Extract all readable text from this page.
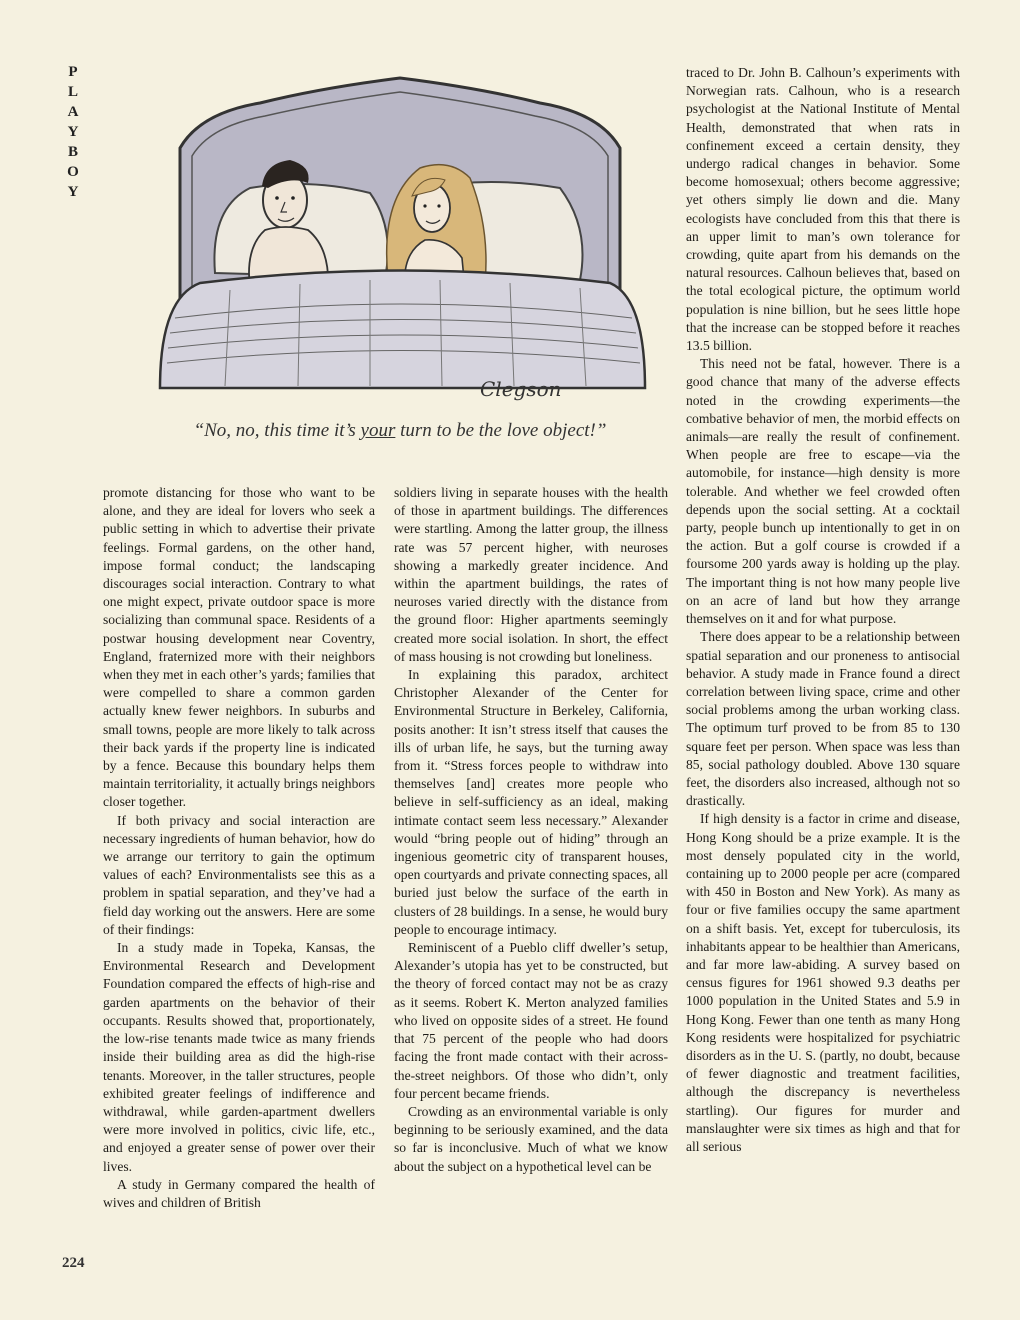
P
L
A
Y
B
O
Y
Clegson
“No, no, this time it’s your turn to be the love object!”

promote distancing for those who want to be alone, and they are ideal for lovers who seek a public setting in which to advertise their private feelings. Formal gardens, on the other hand, impose formal conduct; the landscaping discourages social interaction. Contrary to what one might expect, private outdoor space is more socializing than communal space. Residents of a postwar housing development near Coventry, England, fraternized more with their neighbors when they met in each other’s yards; families that were compelled to share a common garden actually knew fewer neighbors. In suburbs and small towns, people are more likely to talk across their back yards if the property line is indicated by a fence. Because this boundary helps them maintain territoriality, it actually brings neighbors closer together.

If both privacy and social interaction are necessary ingredients of human behavior, how do we arrange our territory to gain the optimum values of each? Environmentalists see this as a problem in spatial separation, and they’ve had a field day working out the answers. Here are some of their findings:

In a study made in Topeka, Kansas, the Environmental Research and Development Foundation compared the effects of high-rise and garden apartments on the behavior of their occupants. Results showed that, proportionately, the low-rise tenants made twice as many friends inside their building area as did the high-rise tenants. Moreover, in the taller structures, people exhibited greater feelings of indifference and withdrawal, while garden-apartment dwellers were more involved in politics, civic life, etc., and enjoyed a greater sense of power over their lives.

A study in Germany compared the health of wives and children of British

soldiers living in separate houses with the health of those in apartment buildings. The differences were startling. Among the latter group, the illness rate was 57 percent higher, with neuroses showing a markedly greater incidence. And within the apartment buildings, the rates of neuroses varied directly with the distance from the ground floor: Higher apartments seemingly created more social isolation. In short, the effect of mass housing is not crowding but loneliness.

In explaining this paradox, architect Christopher Alexander of the Center for Environmental Structure in Berkeley, California, posits another: It isn’t stress itself that causes the ills of urban life, he says, but the turning away from it. “Stress forces people to withdraw into themselves [and] creates more people who believe in self-sufficiency as an ideal, making intimate contact seem less necessary.” Alexander would “bring people out of hiding” through an ingenious geometric city of transparent houses, open courtyards and private connecting spaces, all buried just below the surface of the earth in clusters of 28 buildings. In a sense, he would bury people to encourage intimacy.

Reminiscent of a Pueblo cliff dweller’s setup, Alexander’s utopia has yet to be constructed, but the theory of forced contact may not be as crazy as it seems. Robert K. Merton analyzed families who lived on opposite sides of a street. He found that 75 percent of the people who had doors facing the front made contact with their across-the-street neighbors. Of those who didn’t, only four percent became friends.

Crowding as an environmental variable is only beginning to be seriously examined, and the data so far is inconclusive. Much of what we know about the subject on a hypothetical level can be

traced to Dr. John B. Calhoun’s experiments with Norwegian rats. Calhoun, who is a research psychologist at the National Institute of Mental Health, demonstrated that when rats in confinement exceed a certain density, they undergo radical changes in behavior. Some become homosexual; others become aggressive; yet others simply lie down and die. Many ecologists have concluded from this that there is an upper limit to man’s own tolerance for crowding, quite apart from his demands on the natural resources. Calhoun believes that, based on the total ecological picture, the optimum world population is nine billion, but he sees little hope that the increase can be stopped before it reaches 13.5 billion.

This need not be fatal, however. There is a good chance that many of the adverse effects noted in the crowding experiments—the combative behavior of men, the morbid effects on animals—are really the result of confinement. When people are free to escape—via the automobile, for instance—high density is more tolerable. And whether we feel crowded often depends upon the social setting. At a cocktail party, people bunch up intentionally to get in on the action. But a golf course is crowded if a foursome 200 yards away is holding up the play. The important thing is not how many people live on an acre of land but how they arrange themselves on it and for what purpose.

There does appear to be a relationship between spatial separation and our proneness to antisocial behavior. A study made in France found a direct correlation between living space, crime and other social problems among the urban working class. The optimum turf proved to be from 85 to 130 square feet per person. When space was less than 85, social pathology doubled. Above 130 square feet, the disorders also increased, although not so drastically.

If high density is a factor in crime and disease, Hong Kong should be a prize example. It is the most densely populated city in the world, containing up to 2000 people per acre (compared with 450 in Boston and New York). As many as four or five families occupy the same apartment on a shift basis. Yet, except for tuberculosis, its inhabitants appear to be healthier than Americans, and far more law-abiding. A survey based on census figures for 1961 showed 9.3 deaths per 1000 population in the United States and 5.9 in Hong Kong. Fewer than one tenth as many Hong Kong residents were hospitalized for psychiatric disorders as in the U. S. (partly, no doubt, because of fewer diagnostic and treatment facilities, although the discrepancy is nevertheless startling). Our figures for murder and manslaughter were six times as high and that for all serious

224
